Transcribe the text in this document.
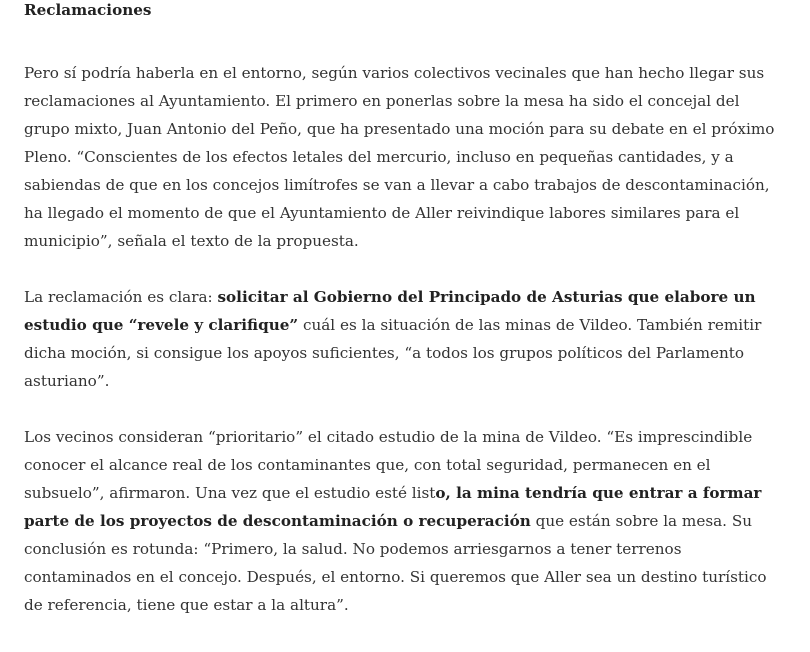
Reclamaciones

Pero sí podría haberla en el entorno, según varios colectivos vecinales que han hecho llegar sus reclamaciones al Ayuntamiento. El primero en ponerlas sobre la mesa ha sido el concejal del grupo mixto, Juan Antonio del Peño, que ha presentado una moción para su debate en el próximo Pleno. “Conscientes de los efectos letales del mercurio, incluso en pequeñas cantidades, y a sabiendas de que en los concejos limítrofes se van a llevar a cabo trabajos de descontaminación, ha llegado el momento de que el Ayuntamiento de Aller reivindique labores similares para el municipio”, señala el texto de la propuesta.

La reclamación es clara: solicitar al Gobierno del Principado de Asturias que elabore un estudio que “revele y clarifique” cuál es la situación de las minas de Vildeo. También remitir dicha moción, si consigue los apoyos suficientes, “a todos los grupos políticos del Parlamento asturiano”.

Los vecinos consideran “prioritario” el citado estudio de la mina de Vildeo. “Es imprescindible conocer el alcance real de los contaminantes que, con total seguridad, permanecen en el subsuelo”, afirmaron. Una vez que el estudio esté listo, la mina tendría que entrar a formar parte de los proyectos de descontaminación o recuperación que están sobre la mesa. Su conclusión es rotunda: “Primero, la salud. No podemos arriesgarnos a tener terrenos contaminados en el concejo. Después, el entorno. Si queremos que Aller sea un destino turístico de referencia, tiene que estar a la altura”.
